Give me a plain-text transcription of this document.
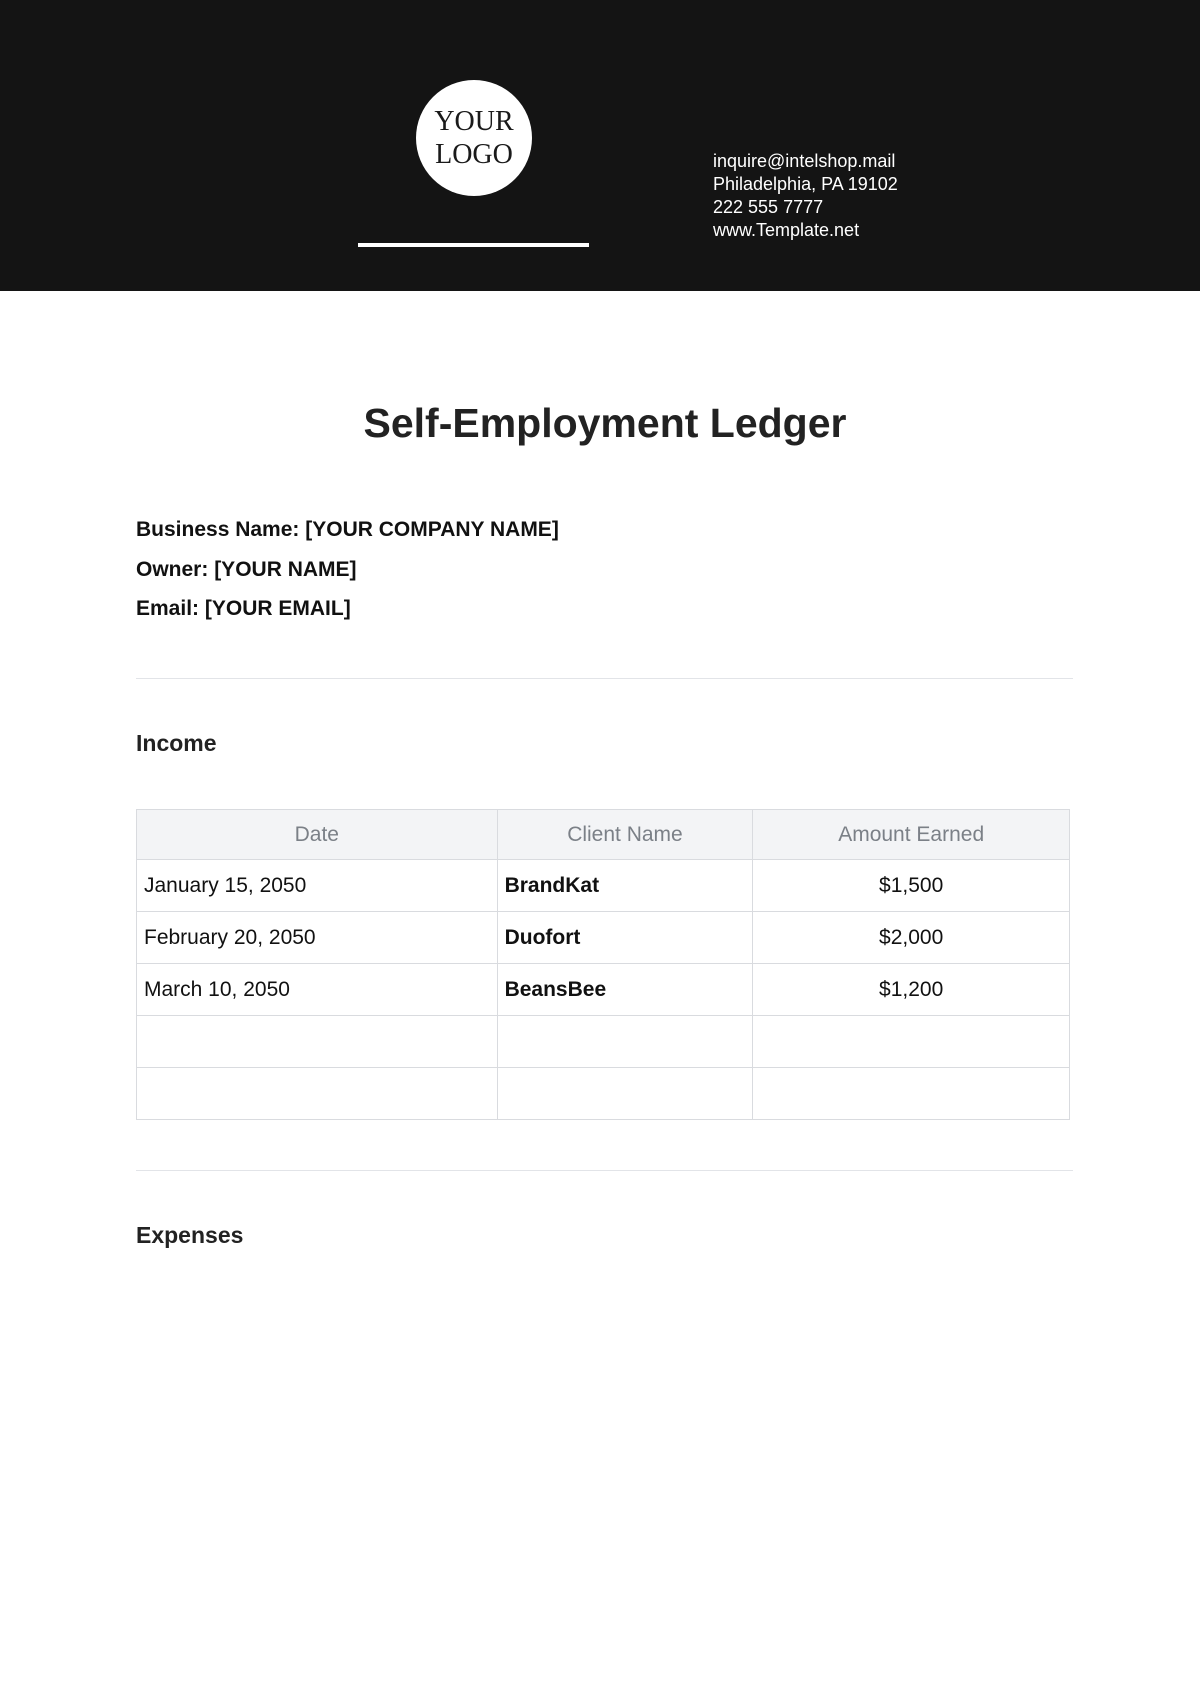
YOUR
LOGO	inquire@intelshop.mail
Philadelphia, PA 19102
222 555 7777
www.Template.net
Self-Employment Ledger
Business Name: [YOUR COMPANY NAME]
Owner: [YOUR NAME]
Email: [YOUR EMAIL]
Income
Date	Client Name	Amount Earned
January 15, 2050	BrandKat	$1,500
February 20, 2050	Duofort	$2,000
March 10, 2050	BeansBee	$1,200

Expenses
